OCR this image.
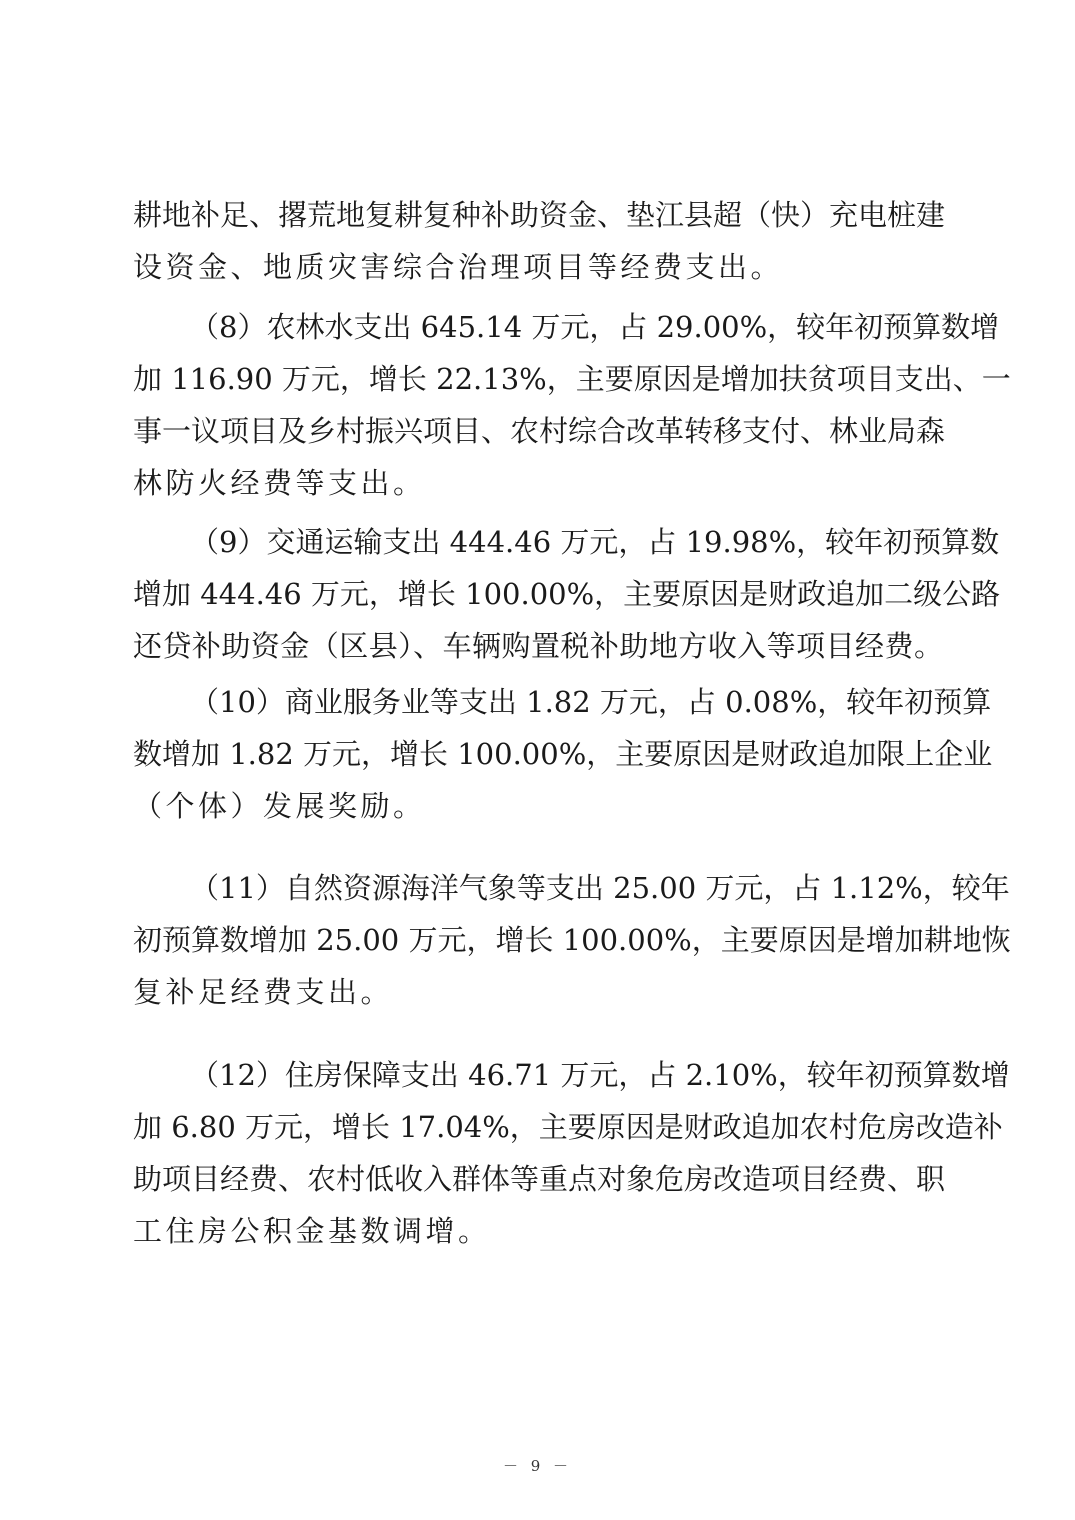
耕地补足、撂荒地复耕复种补助资金、垫江县超（快）充电桩建
设资金、地质灾害综合治理项目等经费支出。
（8）农林水支出 645.14 万元，占 29.00%，较年初预算数增
加 116.90 万元，增长 22.13%，主要原因是增加扶贫项目支出、一
事一议项目及乡村振兴项目、农村综合改革转移支付、林业局森
林防火经费等支出。
（9）交通运输支出 444.46 万元，占 19.98%，较年初预算数
增加 444.46 万元，增长 100.00%，主要原因是财政追加二级公路
还贷补助资金（区县）、车辆购置税补助地方收入等项目经费。
（10）商业服务业等支出 1.82 万元，占 0.08%，较年初预算
数增加 1.82 万元，增长 100.00%，主要原因是财政追加限上企业
（个体）发展奖励。
（11）自然资源海洋气象等支出 25.00 万元，占 1.12%，较年
初预算数增加 25.00 万元，增长 100.00%，主要原因是增加耕地恢
复补足经费支出。
（12）住房保障支出 46.71 万元，占 2.10%，较年初预算数增
加 6.80 万元，增长 17.04%，主要原因是财政追加农村危房改造补
助项目经费、农村低收入群体等重点对象危房改造项目经费、职
工住房公积金基数调增。
－ 9 －
